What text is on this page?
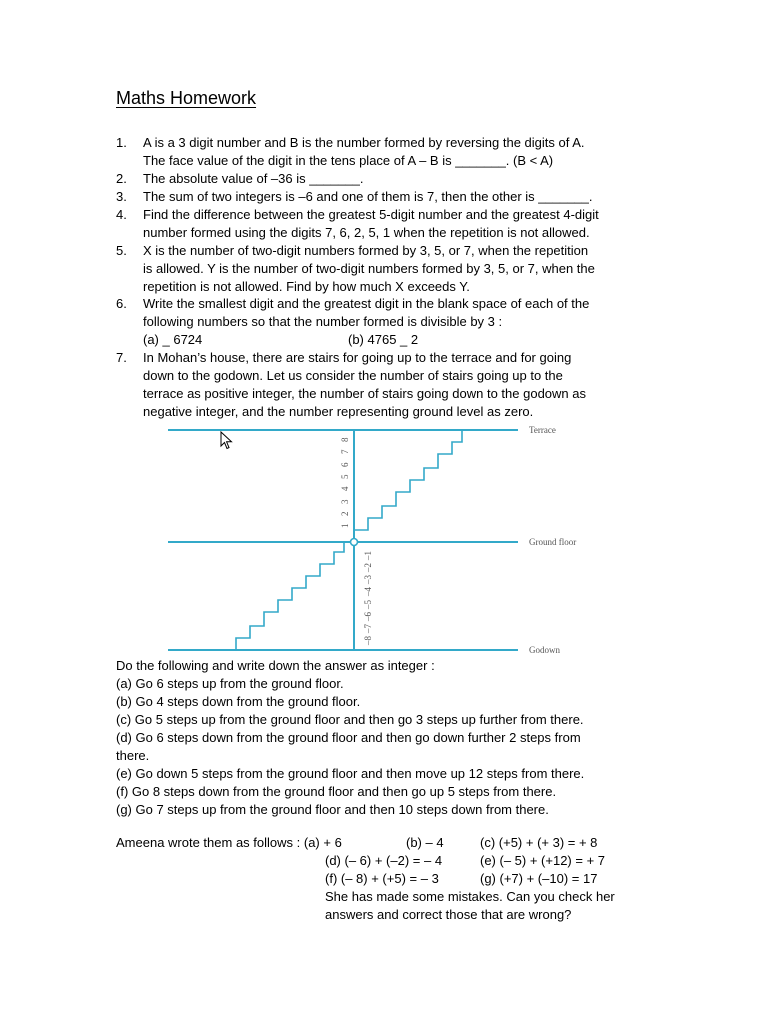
Maths Homework
1. A is a 3 digit number and B is the number formed by reversing the digits of A.
The face value of the digit in the tens place of A – B is _______. (B < A)
2. The absolute value of –36 is _______.
3. The sum of two integers is –6 and one of them is 7, then the other is _______.
4. Find the difference between the greatest 5-digit number and the greatest 4-digit
number formed using the digits 7, 6, 2, 5, 1 when the repetition is not allowed.
5. X is the number of two-digit numbers formed by 3, 5, or 7, when the repetition
is allowed. Y is the number of two-digit numbers formed by 3, 5, or 7, when the
repetition is not allowed. Find by how much X exceeds Y.
6. Write the smallest digit and the greatest digit in the blank space of each of the
following numbers so that the number formed is divisible by 3 :
(a) _ 6724	(b) 4765 _ 2
7. In Mohan’s house, there are stairs for going up to the terrace and for going
down to the godown. Let us consider the number of stairs going up to the
terrace as positive integer, the number of stairs going down to the godown as
negative integer, and the number representing ground level as zero.
Terrace
Ground floor
Godown
1
2
3
4
5
6
7
8
–1
–2
–3
–4
–5
–6
–7
–8
Do the following and write down the answer as integer :
(a) Go 6 steps up from the ground floor.
(b) Go 4 steps down from the ground floor.
(c) Go 5 steps up from the ground floor and then go 3 steps up further from there.
(d) Go 6 steps down from the ground floor and then go down further 2 steps from
there.
(e) Go down 5 steps from the ground floor and then move up 12 steps from there.
(f) Go 8 steps down from the ground floor and then go up 5 steps from there.
(g) Go 7 steps up from the ground floor and then 10 steps down from there.
Ameena wrote them as follows : (a) + 6	(b) – 4	(c) (+5) + (+ 3) = + 8
(d) (– 6) + (–2) = – 4	(e) (– 5) + (+12) = + 7
(f) (– 8) + (+5) = – 3	(g) (+7) + (–10) = 17
She has made some mistakes. Can you check her
answers and correct those that are wrong?
